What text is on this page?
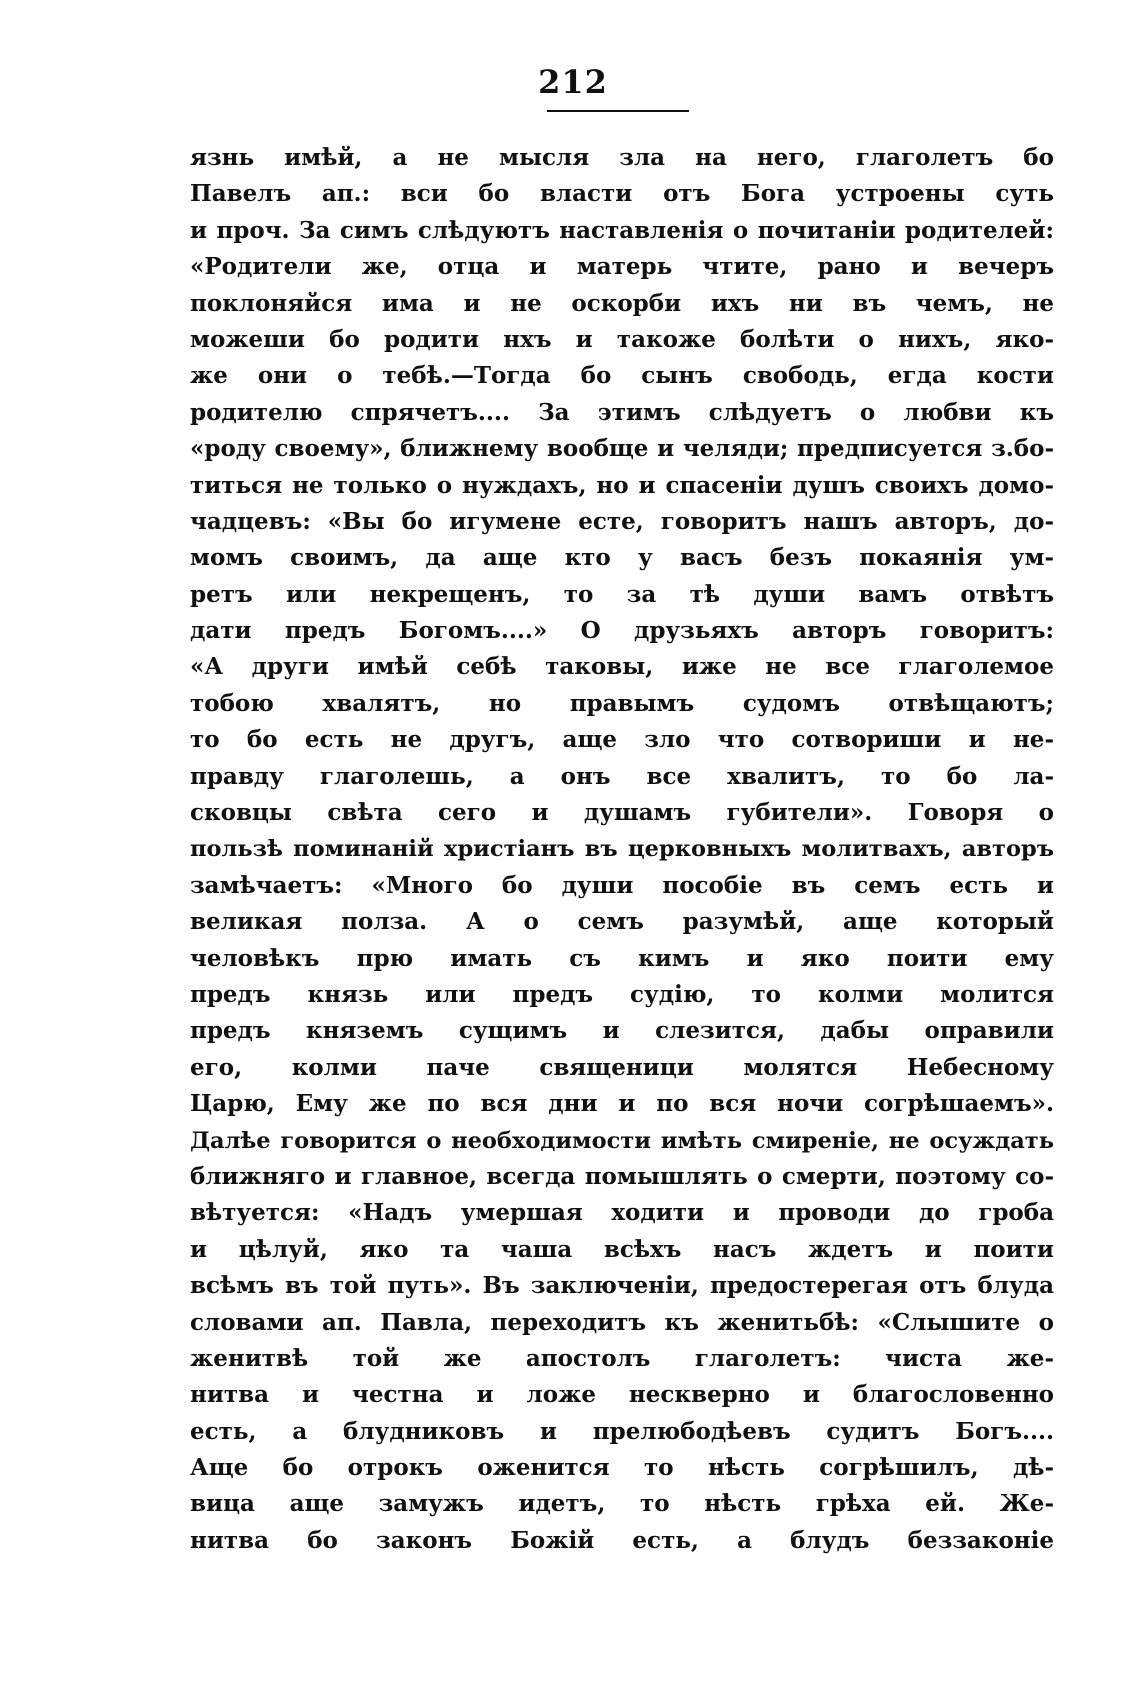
212
язнь имѣй, а не мысля зла на него, глаголетъ бо
Павелъ ап.: вси бо власти отъ Бога устроены суть
и проч. За симъ слѣдуютъ наставленія о почитаніи родителей:
«Родители же, отца и матерь чтите, рано и вечеръ
поклоняйся има и не оскорби ихъ ни въ чемъ, не
можеши бо родити нхъ и такоже болѣти о нихъ, яко-
же они о тебѣ.—Тогда бо сынъ свободь, егда кости
родителю спрячетъ.... За этимъ слѣдуетъ о любви къ
«роду своему», ближнему вообще и челяди; предписуется з.бо-
титься не только о нуждахъ, но и спасеніи душъ своихъ домо-
чадцевъ: «Вы бо игумене есте, говоритъ нашъ авторъ, до-
момъ своимъ, да аще кто у васъ безъ покаянія ум-
ретъ или некрещенъ, то за тѣ души вамъ отвѣтъ
дати предъ Богомъ....» О друзьяхъ авторъ говоритъ:
«А други имѣй себѣ таковы, иже не все глаголемое
тобою хвалятъ, но правымъ судомъ отвѣщаютъ;
то бо есть не другъ, аще зло что сотвориши и не-
правду глаголешь, а онъ все хвалитъ, то бо ла-
сковцы свѣта сего и душамъ губители». Говоря о
пользѣ поминаній христіанъ въ церковныхъ молитвахъ, авторъ
замѣчаетъ: «Много бо души пособіе въ семъ есть и
великая полза. А о семъ разумѣй, аще который
человѣкъ прю имать съ кимъ и яко поити ему
предъ князь или предъ судію, то колми молится
предъ княземъ сущимъ и слезится, дабы оправили
его, колми паче священици молятся Небесному
Царю, Ему же по вся дни и по вся ночи согрѣшаемъ».
Далѣе говорится о необходимости имѣть смиреніе, не осуждать
ближняго и главное, всегда помышлять о смерти, поэтому со-
вѣтуется: «Надъ умершая ходити и проводи до гроба
и цѣлуй, яко та чаша всѣхъ насъ ждетъ и поити
всѣмъ въ той путь». Въ заключеніи, предостерегая отъ блуда
словами ап. Павла, переходитъ къ женитьбѣ: «Слышите о
женитвѣ той же апостолъ глаголетъ: чиста же-
нитва и честна и ложе нескверно и благословенно
есть, а блудниковъ и прелюбодѣевъ судитъ Богъ....
Аще бо отрокъ оженится то нѣсть согрѣшилъ, дѣ-
вица аще замужъ идетъ, то нѣсть грѣха ей. Же-
нитва бо законъ Божій есть, а блудъ беззаконіе
